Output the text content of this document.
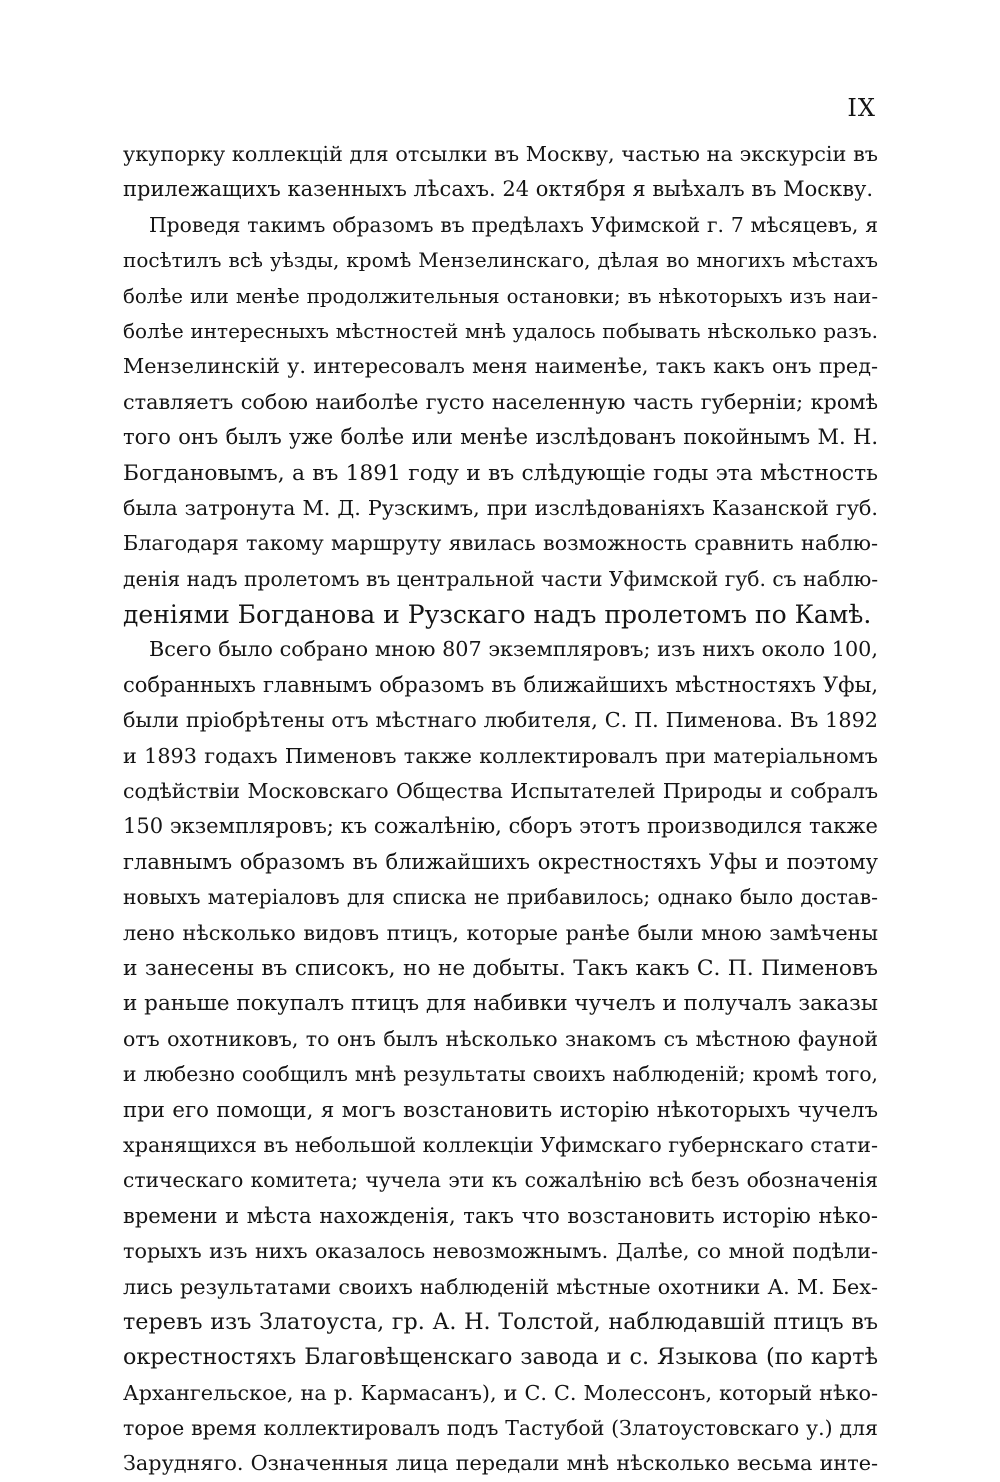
IX
укупорку коллекцій для отсылки въ Москву, частью на экскурсіи въ
прилежащихъ казенныхъ лѣсахъ. 24 октября я выѣхалъ въ Москву.
Проведя такимъ образомъ въ предѣлахъ Уфимской г. 7 мѣсяцевъ, я
посѣтилъ всѣ уѣзды, кромѣ Мензелинскаго, дѣлая во многихъ мѣстахъ
болѣе или менѣе продолжительныя остановки; въ нѣкоторыхъ изъ наи-
болѣе интересныхъ мѣстностей мнѣ удалось побывать нѣсколько разъ.
Мензелинскій у. интересовалъ меня наименѣе, такъ какъ онъ пред-
ставляетъ собою наиболѣе густо населенную часть губерніи; кромѣ
того онъ былъ уже болѣе или менѣе изслѣдованъ покойнымъ М. Н.
Богдановымъ, а въ 1891 году и въ слѣдующіе годы эта мѣстность
была затронута М. Д. Рузскимъ, при изслѣдованіяхъ Казанской губ.
Благодаря такому маршруту явилась возможность сравнить наблю-
денія надъ пролетомъ въ центральной части Уфимской губ. съ наблю-
деніями Богданова и Рузскаго надъ пролетомъ по Камѣ.
Всего было собрано мною 807 экземпляровъ; изъ нихъ около 100,
собранныхъ главнымъ образомъ въ ближайшихъ мѣстностяхъ Уфы,
были пріобрѣтены отъ мѣстнаго любителя, С. П. Пименова. Въ 1892
и 1893 годахъ Пименовъ также коллектировалъ при матеріальномъ
содѣйствіи Московскаго Общества Испытателей Природы и собралъ
150 экземпляровъ; къ сожалѣнію, сборъ этотъ производился также
главнымъ образомъ въ ближайшихъ окрестностяхъ Уфы и поэтому
новыхъ матеріаловъ для списка не прибавилось; однако было достав-
лено нѣсколько видовъ птицъ, которые ранѣе были мною замѣчены
и занесены въ списокъ, но не добыты. Такъ какъ С. П. Пименовъ
и раньше покупалъ птицъ для набивки чучелъ и получалъ заказы
отъ охотниковъ, то онъ былъ нѣсколько знакомъ съ мѣстною фауной
и любезно сообщилъ мнѣ результаты своихъ наблюденій; кромѣ того,
при его помощи, я могъ возстановить исторію нѣкоторыхъ чучелъ
хранящихся въ небольшой коллекціи Уфимскаго губернскаго стати-
стическаго комитета; чучела эти къ сожалѣнію всѣ безъ обозначенія
времени и мѣста нахожденія, такъ что возстановить исторію нѣко-
торыхъ изъ нихъ оказалось невозможнымъ. Далѣе, со мной подѣли-
лись результатами своихъ наблюденій мѣстные охотники А. М. Бех-
теревъ изъ Златоуста, гр. А. Н. Толстой, наблюдавшій птицъ въ
окрестностяхъ Благовѣщенскаго завода и с. Языкова (по картѣ
Архангельское, на р. Кармасанъ), и С. С. Молессонъ, который нѣко-
торое время коллектировалъ подъ Тастубой (Златоустовскаго у.) для
Зарудняго. Означенныя лица передали мнѣ нѣсколько весьма инте-
